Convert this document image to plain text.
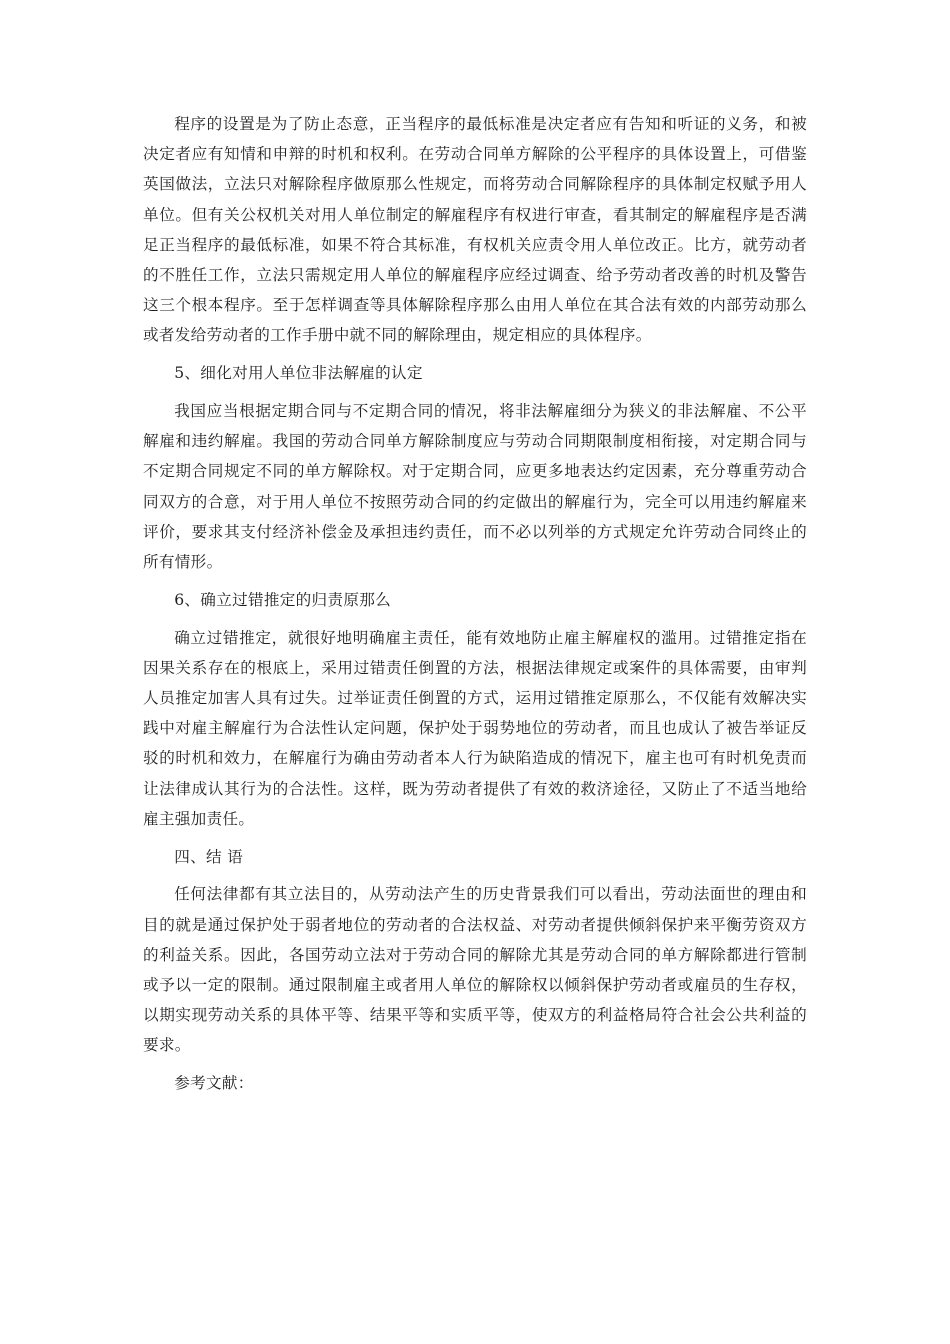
程序的设置是为了防止态意，正当程序的最低标准是决定者应有告知和听证的义务，和被决定者应有知情和申辩的时机和权利。在劳动合同单方解除的公平程序的具体设置上，可借鉴英国做法，立法只对解除程序做原那么性规定，而将劳动合同解除程序的具体制定权赋予用人单位。但有关公权机关对用人单位制定的解雇程序有权进行审查，看其制定的解雇程序是否满足正当程序的最低标准，如果不符合其标准，有权机关应责令用人单位改正。比方，就劳动者的不胜任工作，立法只需规定用人单位的解雇程序应经过调查、给予劳动者改善的时机及警告这三个根本程序。至于怎样调查等具体解除程序那么由用人单位在其合法有效的内部劳动那么或者发给劳动者的工作手册中就不同的解除理由，规定相应的具体程序。

5、细化对用人单位非法解雇的认定

我国应当根据定期合同与不定期合同的情况，将非法解雇细分为狭义的非法解雇、不公平解雇和违约解雇。我国的劳动合同单方解除制度应与劳动合同期限制度相衔接，对定期合同与不定期合同规定不同的单方解除权。对于定期合同，应更多地表达约定因素，充分尊重劳动合同双方的合意，对于用人单位不按照劳动合同的约定做出的解雇行为，完全可以用违约解雇来评价，要求其支付经济补偿金及承担违约责任，而不必以列举的方式规定允许劳动合同终止的所有情形。

6、确立过错推定的归责原那么

确立过错推定，就很好地明确雇主责任，能有效地防止雇主解雇权的滥用。过错推定指在因果关系存在的根底上，采用过错责任倒置的方法，根据法律规定或案件的具体需要，由审判人员推定加害人具有过失。过举证责任倒置的方式，运用过错推定原那么，不仅能有效解决实践中对雇主解雇行为合法性认定问题，保护处于弱势地位的劳动者，而且也成认了被告举证反驳的时机和效力，在解雇行为确由劳动者本人行为缺陷造成的情况下，雇主也可有时机免责而让法律成认其行为的合法性。这样，既为劳动者提供了有效的救济途径，又防止了不适当地给雇主强加责任。

四、结 语

任何法律都有其立法目的，从劳动法产生的历史背景我们可以看出，劳动法面世的理由和目的就是通过保护处于弱者地位的劳动者的合法权益、对劳动者提供倾斜保护来平衡劳资双方的利益关系。因此，各国劳动立法对于劳动合同的解除尤其是劳动合同的单方解除都进行管制或予以一定的限制。通过限制雇主或者用人单位的解除权以倾斜保护劳动者或雇员的生存权，以期实现劳动关系的具体平等、结果平等和实质平等，使双方的利益格局符合社会公共利益的要求。

参考文献：
